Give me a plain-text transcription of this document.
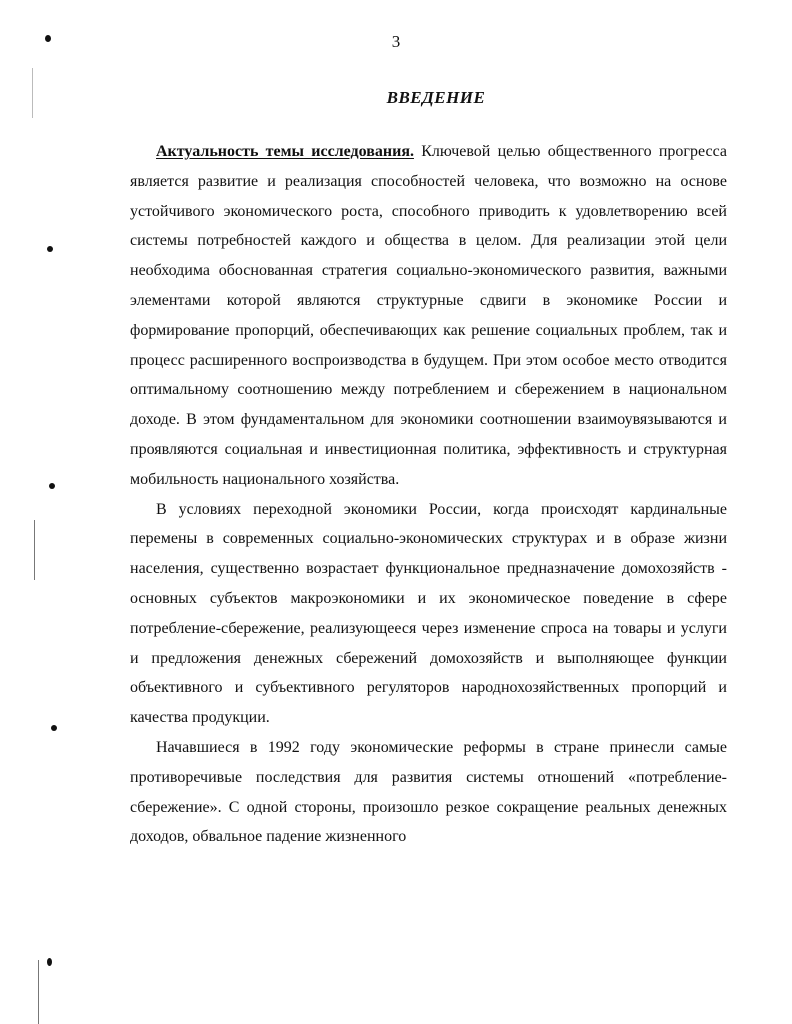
3
ВВЕДЕНИЕ

Актуальность темы исследования. Ключевой целью общественного прогресса является развитие и реализация способностей человека, что возможно на основе устойчивого экономического роста, способного приводить к удовлетворению всей системы потребностей каждого и общества в целом. Для реализации этой цели необходима обоснованная стратегия социально-экономического развития, важными элементами которой являются структурные сдвиги в экономике России и формирование пропорций, обеспечивающих как решение социальных проблем, так и процесс расширенного воспроизводства в будущем. При этом особое место отводится оптимальному соотношению между потреблением и сбережением в национальном доходе. В этом фундаментальном для экономики соотношении взаимоувязываются и проявляются социальная и инвестиционная политика, эффективность и структурная мобильность национального хозяйства.

В условиях переходной экономики России, когда происходят кардинальные перемены в современных социально-экономических структурах и в образе жизни населения, существенно возрастает функциональное предназначение домохозяйств - основных субъектов макроэкономики и их экономическое поведение в сфере потребление-сбережение, реализующееся через изменение спроса на товары и услуги и предложения денежных сбережений домохозяйств и выполняющее функции объективного и субъективного регуляторов народнохозяйственных пропорций и качества продукции.

Начавшиеся в 1992 году экономические реформы в стране принесли самые противоречивые последствия для развития системы отношений «потребление-сбережение». С одной стороны, произошло резкое сокращение реальных денежных доходов, обвальное падение жизненного
